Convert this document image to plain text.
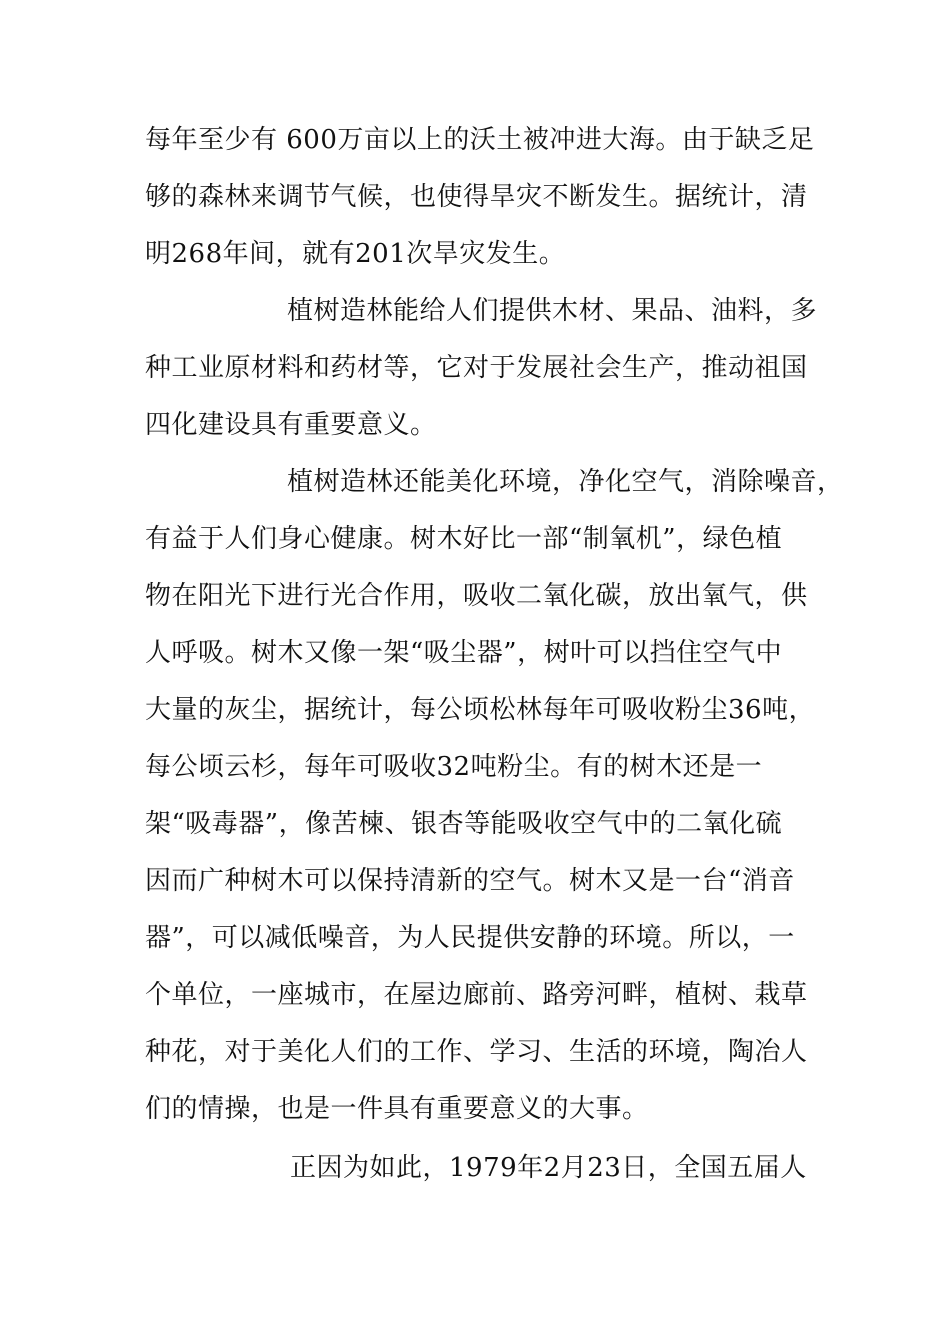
每年至少有 600万亩以上的沃土被冲进大海。由于缺乏足
够的森林来调节气候，也使得旱灾不断发生。据统计，清
明268年间，就有201次旱灾发生。
植树造林能给人们提供木材、果品、油料，多
种工业原材料和药材等，它对于发展社会生产，推动祖国
四化建设具有重要意义。
植树造林还能美化环境，净化空气，消除噪音，
有益于人们身心健康。树木好比一部“制氧机”，绿色植
物在阳光下进行光合作用，吸收二氧化碳，放出氧气，供
人呼吸。树木又像一架“吸尘器”，树叶可以挡住空气中
大量的灰尘，据统计，每公顷松林每年可吸收粉尘36吨，
每公顷云杉，每年可吸收32吨粉尘。有的树木还是一
架“吸毒器”，像苦楝、银杏等能吸收空气中的二氧化硫
因而广种树木可以保持清新的空气。树木又是一台“消音
器”，可以减低噪音，为人民提供安静的环境。所以，一
个单位，一座城市，在屋边廊前、路旁河畔，植树、栽草
种花，对于美化人们的工作、学习、生活的环境，陶冶人
们的情操，也是一件具有重要意义的大事。
正因为如此，1979年2月23日，全国五届人
